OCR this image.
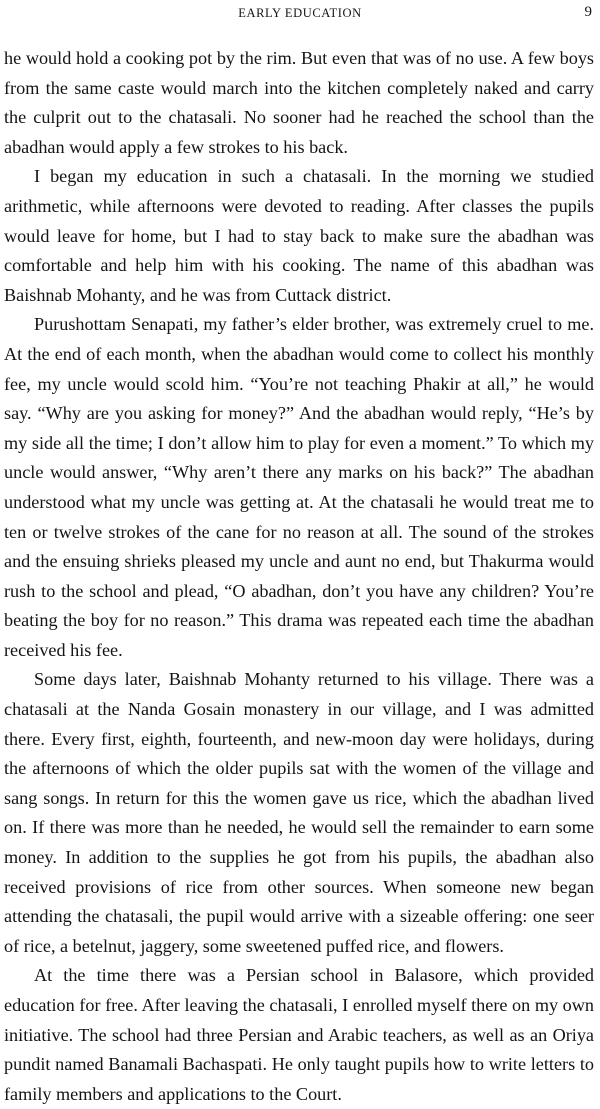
EARLY EDUCATION	9

he would hold a cooking pot by the rim. But even that was of no use. A few boys from the same caste would march into the kitchen completely naked and carry the culprit out to the chatasali. No sooner had he reached the school than the abadhan would apply a few strokes to his back.

I began my education in such a chatasali. In the morning we studied arithmetic, while afternoons were devoted to reading. After classes the pupils would leave for home, but I had to stay back to make sure the abadhan was comfortable and help him with his cooking. The name of this abadhan was Baishnab Mohanty, and he was from Cuttack district.

Purushottam Senapati, my father’s elder brother, was extremely cruel to me. At the end of each month, when the abadhan would come to collect his monthly fee, my uncle would scold him. “You’re not teaching Phakir at all,” he would say. “Why are you asking for money?” And the abadhan would reply, “He’s by my side all the time; I don’t allow him to play for even a moment.” To which my uncle would answer, “Why aren’t there any marks on his back?” The abadhan understood what my uncle was getting at. At the chatasali he would treat me to ten or twelve strokes of the cane for no reason at all. The sound of the strokes and the ensuing shrieks pleased my uncle and aunt no end, but Thakurma would rush to the school and plead, “O abadhan, don’t you have any children? You’re beating the boy for no reason.” This drama was repeated each time the abadhan received his fee.

Some days later, Baishnab Mohanty returned to his village. There was a chatasali at the Nanda Gosain monastery in our village, and I was admitted there. Every first, eighth, fourteenth, and new-moon day were holidays, during the afternoons of which the older pupils sat with the women of the village and sang songs. In return for this the women gave us rice, which the abadhan lived on. If there was more than he needed, he would sell the remainder to earn some money. In addition to the supplies he got from his pupils, the abadhan also received provisions of rice from other sources. When someone new began attending the chatasali, the pupil would arrive with a sizeable offering: one seer of rice, a betelnut, jaggery, some sweetened puffed rice, and flowers.

At the time there was a Persian school in Balasore, which provided education for free. After leaving the chatasali, I enrolled myself there on my own initiative. The school had three Persian and Arabic teachers, as well as an Oriya pundit named Banamali Bachaspati. He only taught pupils how to write letters to family members and applications to the Court.
